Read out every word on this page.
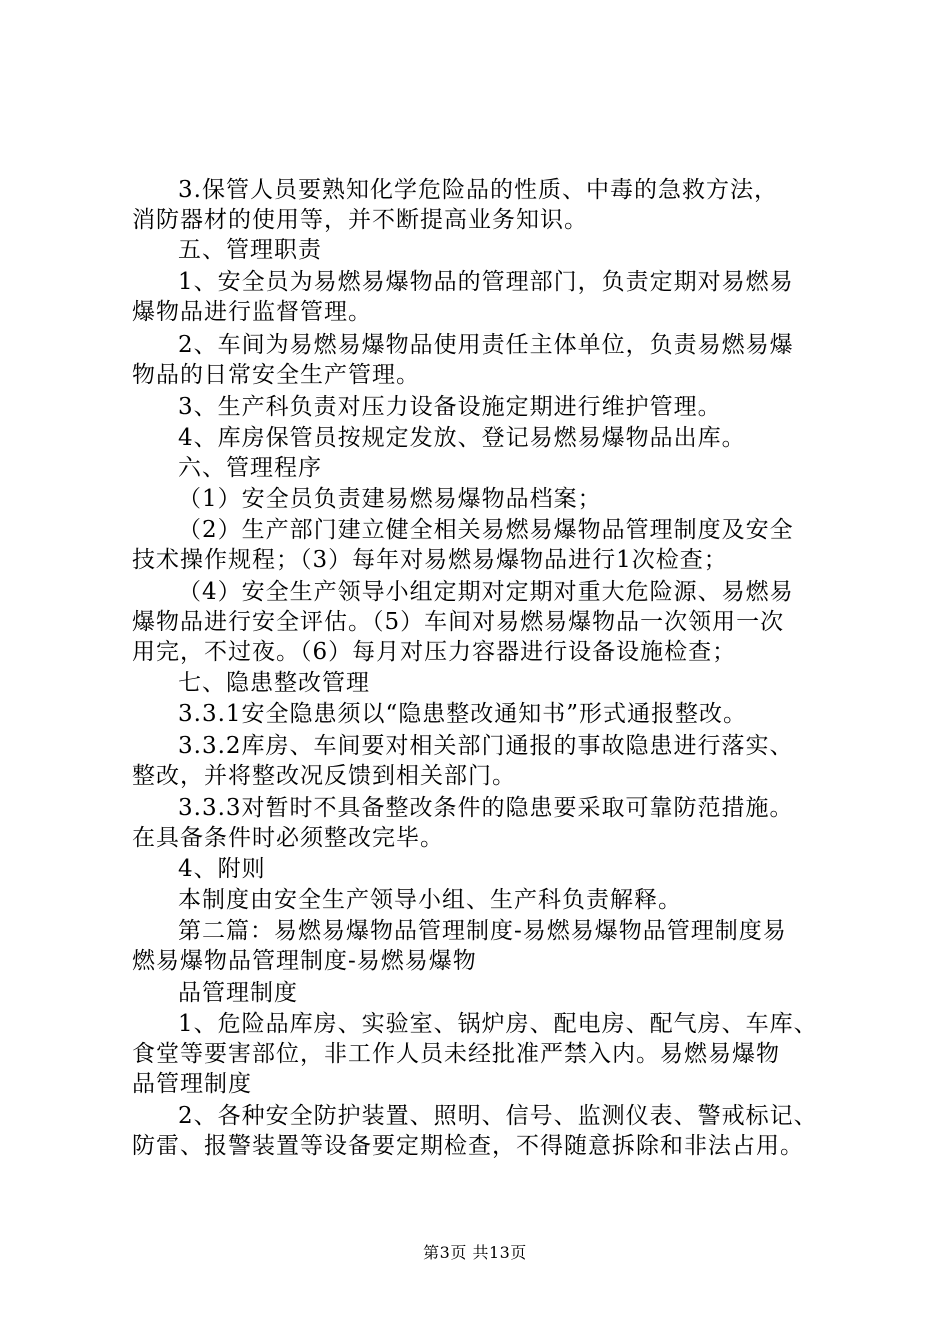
3.保管人员要熟知化学危险品的性质、中毒的急救方法，
消防器材的使用等，并不断提高业务知识。
五、管理职责
1、安全员为易燃易爆物品的管理部门，负责定期对易燃易
爆物品进行监督管理。
2、车间为易燃易爆物品使用责任主体单位，负责易燃易爆
物品的日常安全生产管理。
3、生产科负责对压力设备设施定期进行维护管理。
4、库房保管员按规定发放、登记易燃易爆物品出库。
六、管理程序
（1）安全员负责建易燃易爆物品档案；
（2）生产部门建立健全相关易燃易爆物品管理制度及安全
技术操作规程；（3）每年对易燃易爆物品进行1次检查；
（4）安全生产领导小组定期对定期对重大危险源、易燃易
爆物品进行安全评估。（5）车间对易燃易爆物品一次领用一次
用完，不过夜。（6）每月对压力容器进行设备设施检查；
七、隐患整改管理
3.3.1安全隐患须以“隐患整改通知书”形式通报整改。
3.3.2库房、车间要对相关部门通报的事故隐患进行落实、
整改，并将整改况反馈到相关部门。
3.3.3对暂时不具备整改条件的隐患要采取可靠防范措施。
在具备条件时必须整改完毕。
4、附则
本制度由安全生产领导小组、生产科负责解释。
第二篇：易燃易爆物品管理制度-易燃易爆物品管理制度易
燃易爆物品管理制度-易燃易爆物
品管理制度
1、危险品库房、实验室、锅炉房、配电房、配气房、车库、
食堂等要害部位，非工作人员未经批准严禁入内。易燃易爆物
品管理制度
2、各种安全防护装置、照明、信号、监测仪表、警戒标记、
防雷、报警装置等设备要定期检查，不得随意拆除和非法占用。
第3页 共13页
